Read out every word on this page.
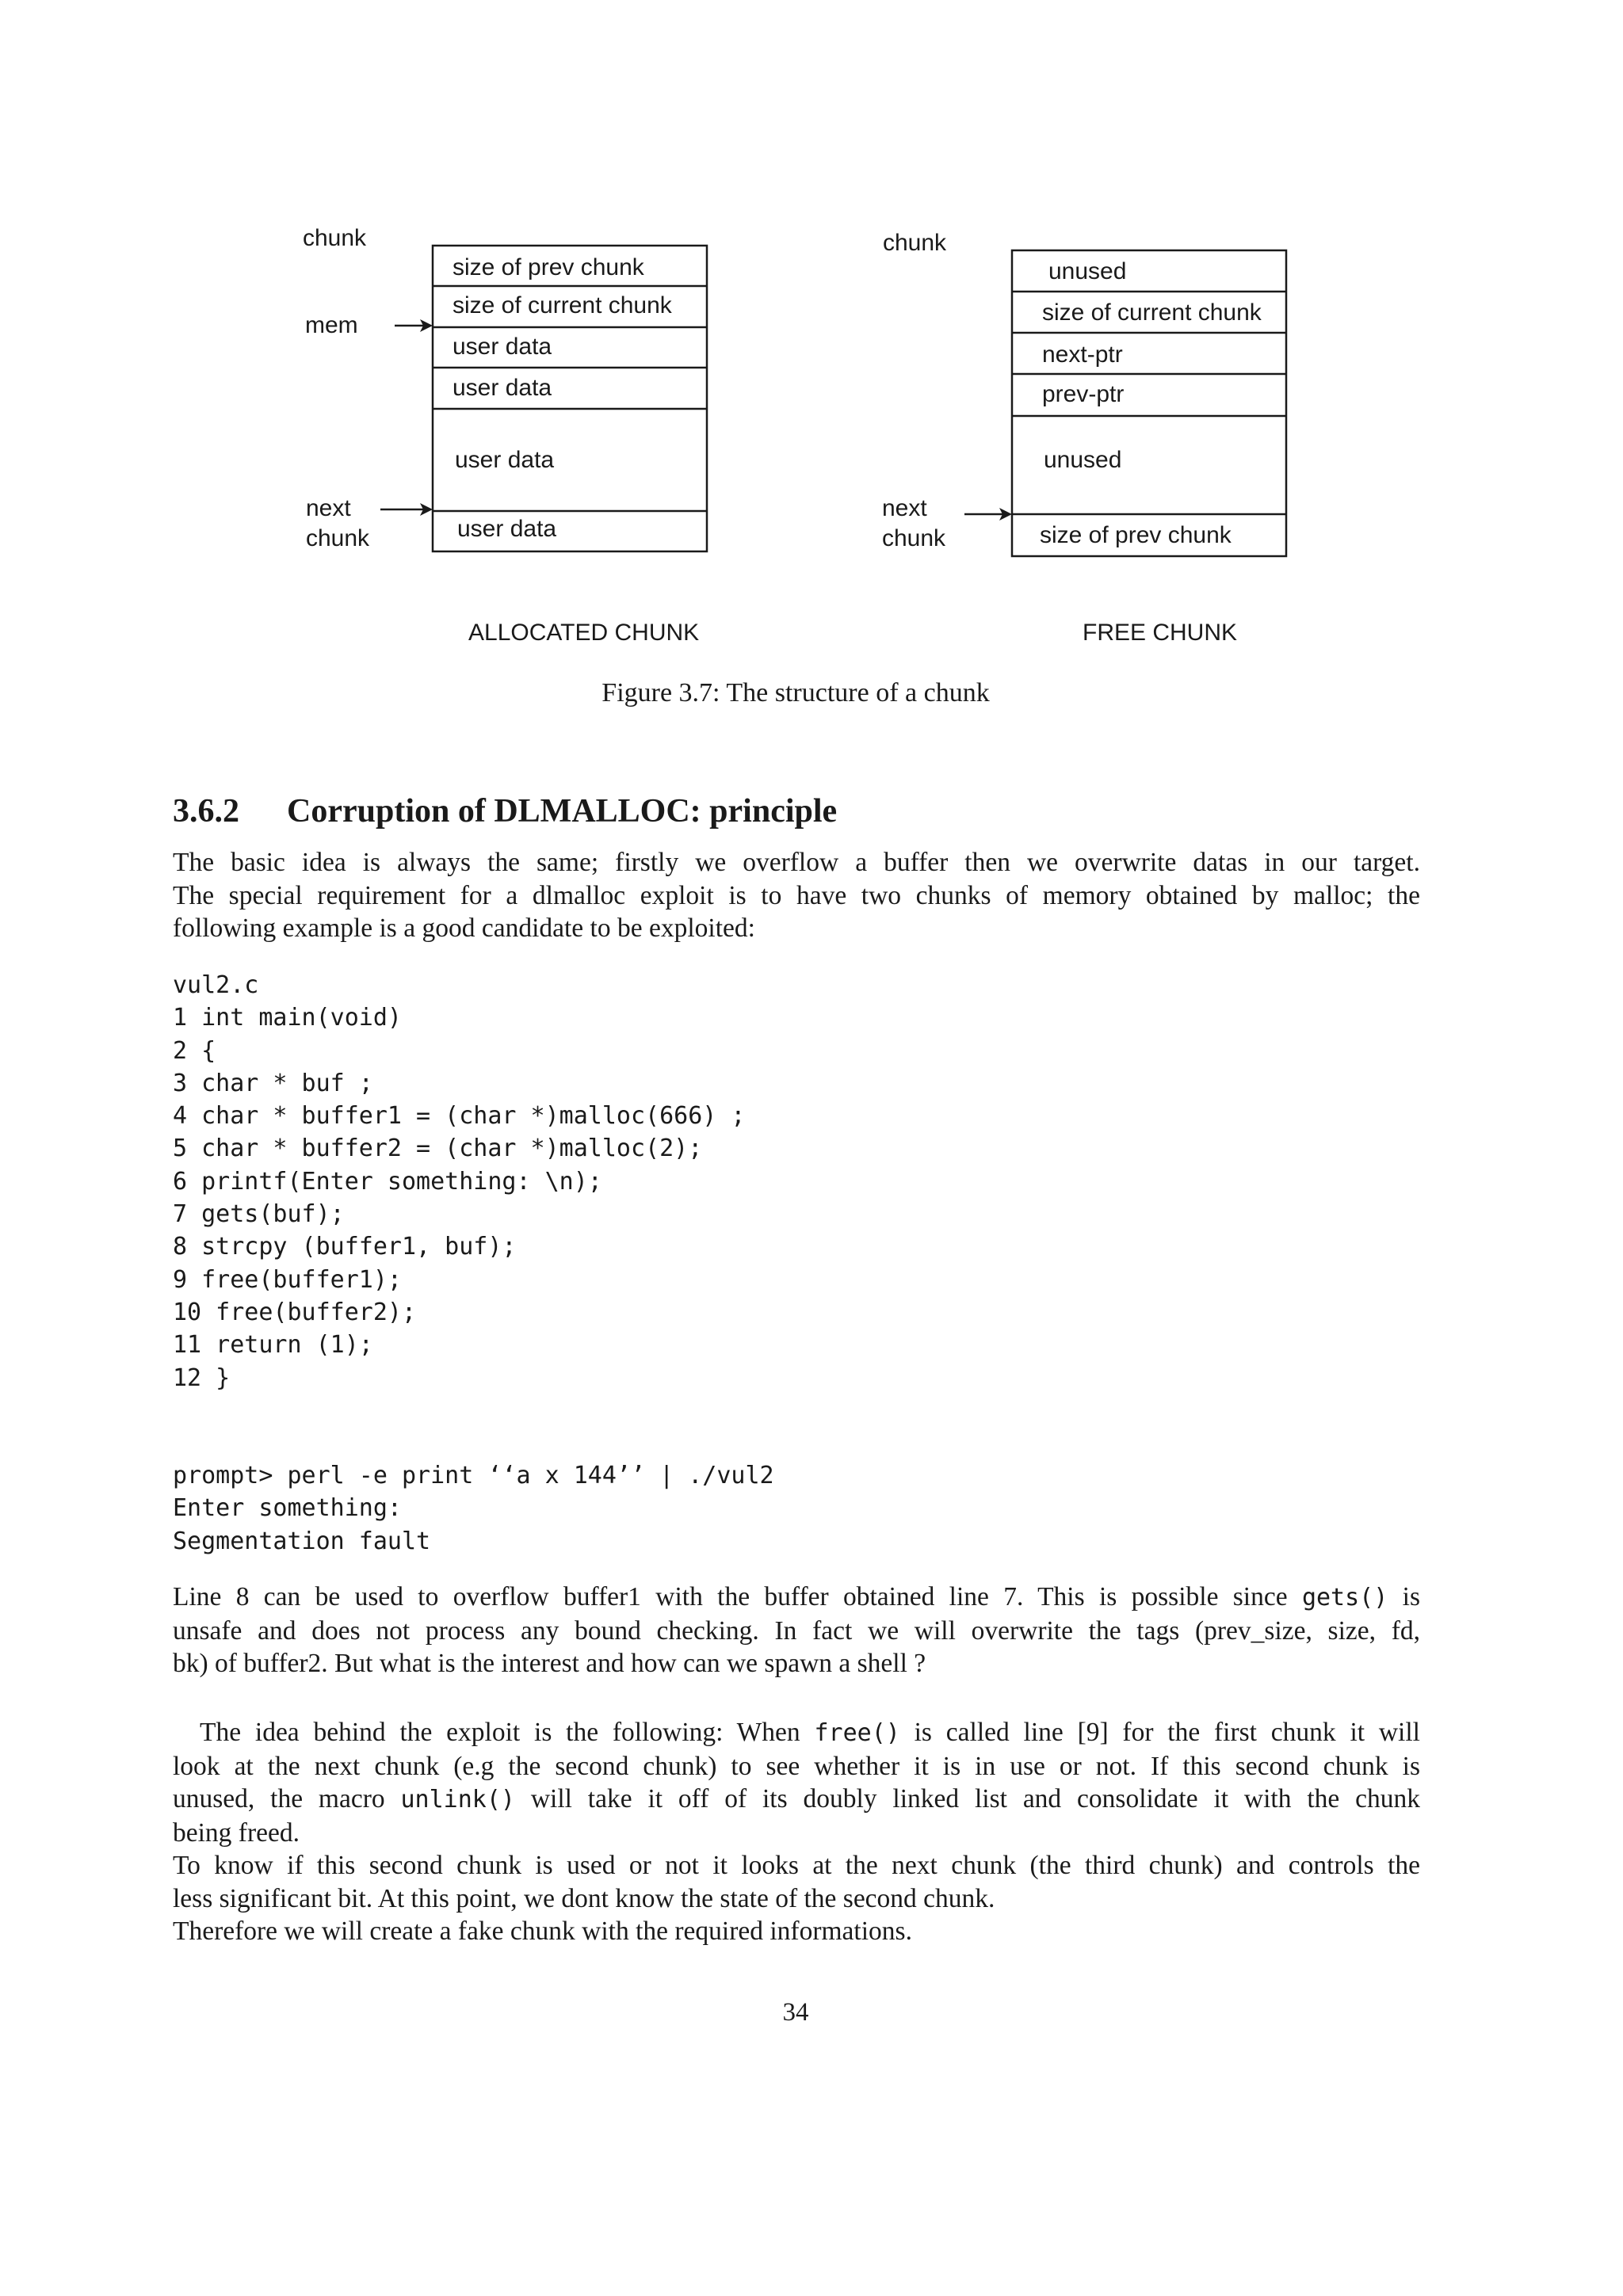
chunk
mem
next
chunk
size of prev chunk
size of current chunk
user data
user data
user data
user data
ALLOCATED CHUNK
chunk
next
chunk
unused
size of current chunk
next-ptr
prev-ptr
unused
size of prev chunk
FREE CHUNK
Figure 3.7: The structure of a chunk
3.6.2 Corruption of DLMALLOC: principle

The basic idea is always the same; firstly we overflow a buffer then we overwrite datas in our target.
The special requirement for a dlmalloc exploit is to have two chunks of memory obtained by malloc; the
following example is a good candidate to be exploited:

vul2.c
1 int main(void)
2 {
3 char * buf ;
4 char * buffer1 = (char *)malloc(666) ;
5 char * buffer2 = (char *)malloc(2);
6 printf(Enter something: \n);
7 gets(buf);
8 strcpy (buffer1, buf);
9 free(buffer1);
10 free(buffer2);
11 return (1);
12 }
prompt> perl -e print ‘‘a x 144’’ | ./vul2
Enter something:
Segmentation fault

Line 8 can be used to overflow buffer1 with the buffer obtained line 7. This is possible since gets() is
unsafe and does not process any bound checking. In fact we will overwrite the tags (prev_size, size, fd,
bk) of buffer2. But what is the interest and how can we spawn a shell ?

The idea behind the exploit is the following: When free() is called line [9] for the first chunk it will
look at the next chunk (e.g the second chunk) to see whether it is in use or not. If this second chunk is
unused, the macro unlink() will take it off of its doubly linked list and consolidate it with the chunk
being freed.
To know if this second chunk is used or not it looks at the next chunk (the third chunk) and controls the
less significant bit. At this point, we dont know the state of the second chunk.
Therefore we will create a fake chunk with the required informations.

34
